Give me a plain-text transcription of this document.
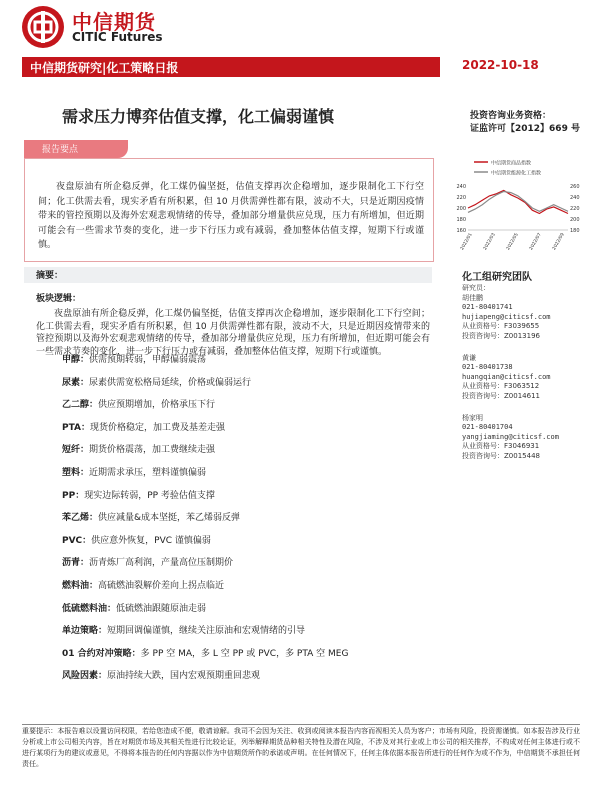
中信期货
CITIC Futures
中信期货研究|化工策略日报	2022-10-18
需求压力博弈估值支撑，化工偏弱谨慎	投资咨询业务资格：
证监许可【2012】669 号
报告要点
夜盘原油有所企稳反弹，化工煤仍偏坚挺，估值支撑再次企稳增加，逐步限制化工下行空间；化工供需去看，现实矛盾有所积累，但 10 月供需弹性都有限，波动不大，只是近期因疫情带来的管控预期以及海外宏观悲观情绪的传导，叠加部分增量供应兑现，压力有所增加，但近期可能会有一些需求节奏的变化，进一步下行压力或有减弱，叠加整体估值支撑，短期下行或谨慎。
中信期货商品指数
中信期货能源化工指数
240
220
200
180
160
260
240
220
200
180
2022/01 2022/03 2022/05 2022/07 2022/09
摘要：
板块逻辑：
夜盘原油有所企稳反弹，化工煤仍偏坚挺，估值支撑再次企稳增加，逐步限制化工下行空间；化工供需去看，现实矛盾有所积累，但 10 月供需弹性都有限，波动不大，只是近期因疫情带来的管控预期以及海外宏观悲观情绪的传导，叠加部分增量供应兑现，压力有所增加，但近期可能会有一些需求节奏的变化，进一步下行压力或有减弱，叠加整体估值支撑，短期下行或谨慎。
甲醇：供需预期转弱，甲醇偏弱震荡
尿素：尿素供需宽松格局延续，价格或偏弱运行
乙二醇：供应预期增加，价格承压下行
PTA：现货价格稳定，加工费及基差走强
短纤：期货价格震荡，加工费继续走强
塑料：近期需求承压，塑料谨慎偏弱
PP：现实边际转弱，PP 考验估值支撑
苯乙烯：供应减量&成本坚挺，苯乙烯弱反弹
PVC：供应意外恢复，PVC 谨慎偏弱
沥青：沥青炼厂高利润，产量高位压制期价
燃料油：高硫燃油裂解价差向上拐点临近
低硫燃料油：低硫燃油跟随原油走弱
单边策略：短期回调偏谨慎，继续关注原油和宏观情绪的引导
01 合约对冲策略：多 PP 空 MA，多 L 空 PP 或 PVC，多 PTA 空 MEG
风险因素：原油持续大跌，国内宏观预期重回悲观
化工组研究团队
研究员：
胡佳鹏
021-80401741
hujiapeng@citicsf.com
从业资格号：F3039655
投资咨询号：Z0013196
黄谦
021-80401738
huangqian@citicsf.com
从业资格号：F3063512
投资咨询号：Z0014611
杨家明
021-80401704
yangjiaming@citicsf.com
从业资格号：F3046931
投资咨询号：Z0015448
重要提示：本报告难以设置访问权限，若给您造成不便，敬请谅解。我司不会因为关注、收到或阅读本报告内容而视相关人员为客户；市场有风险，投资需谨慎。如本报告涉及行业分析或上市公司相关内容，旨在对期货市场及其相关性进行比较论证，列举解释期货品种相关特性及潜在风险，不涉及对其行业或上市公司的相关推荐，不构成对任何主体进行或不进行某项行为的建议或意见，不得将本报告的任何内容据以作为中信期货所作的承诺或声明。在任何情况下，任何主体依据本报告所进行的任何作为或不作为，中信期货不承担任何责任。
